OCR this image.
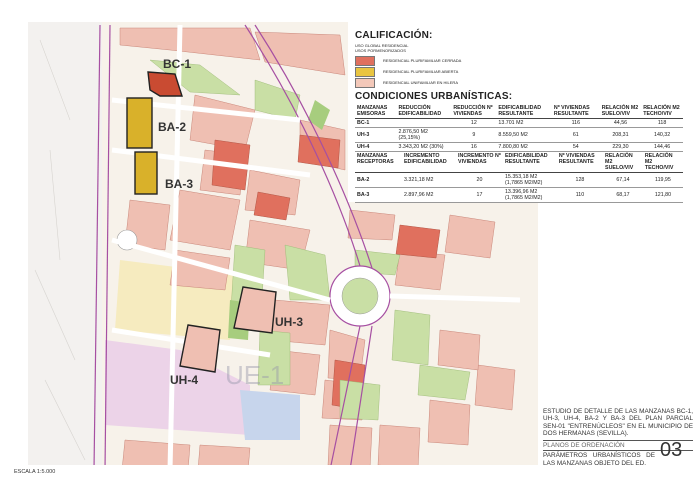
BC-1
BA-2
BA-3
UH-3
UH-4 UE-1
CALIFICACIÓN:
USO GLOBAL RESIDENCIAL
USOS PORMENORIZADOS
RESIDENCIAL PLURIFAMILIAR CERRADA
RESIDENCIAL PLURIFAMILIAR ABIERTA
RESIDENCIAL UNIFAMILIAR EN HILERA
CONDICIONES URBANÍSTICAS:
MANZANAS EMISORAS	REDUCCIÓN EDIFICABILIDAD	REDUCCIÓN Nº VIVIENDAS	EDIFICABILIDAD RESULTANTE	Nº VIVIENDAS RESULTANTE	RELACIÓN M2 SUELO/VIV	RELACIÓN M2 TECHO/VIV
BC-1		12	13.701 M2	116	44,56	118
UH-3	2.876,50 M2 (25,15%)	9	8.559,50 M2	61	208,31	140,32
UH-4	3.343,20 M2 (30%)	16	7.800,80 M2	54	229,30	144,46
MANZANAS RECEPTORAS	INCREMENTO EDIFICABILIDAD	INCREMENTO Nº VIVIENDAS	EDIFICABILIDAD RESULTANTE	Nº VIVIENDAS RESULTANTE	RELACIÓN M2 SUELO/VIV	RELACIÓN M2 TECHO/VIV
BA-2	3.321,18 M2	20	15.353,18 M2 (1,7865 M2/M2)	128	67,14	119,95
BA-3	2.897,96 M2	17	13.396,96 M2 (1,7865 M2/M2)	110	68,17	121,80
ESTUDIO DE DETALLE DE LAS MANZANAS BC-1, UH-3, UH-4, BA-2 Y BA-3 DEL PLAN PARCIAL SEN-01 "ENTRENÚCLEOS" EN EL MUNICIPIO DE DOS HERMANAS (SEVILLA).
PLANOS DE ORDENACIÓN
PARÁMETROS URBANÍSTICOS DE LAS MANZANAS OBJETO DEL ED.
03
ESCALA 1:5.000
